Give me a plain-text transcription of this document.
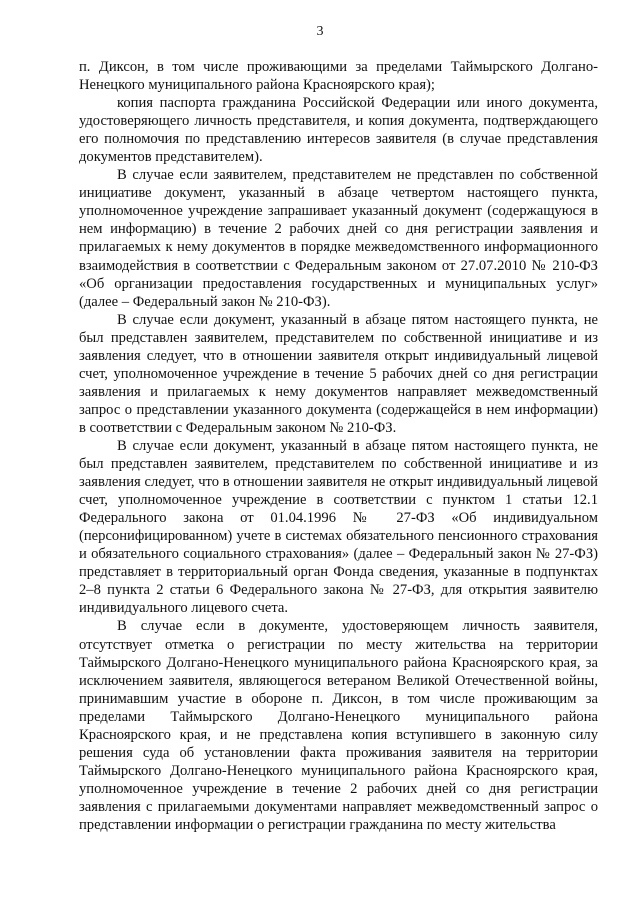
3

п. Диксон, в том числе проживающими за пределами Таймырского Долгано-Ненецкого муниципального района Красноярского края);

копия паспорта гражданина Российской Федерации или иного документа, удостоверяющего личность представителя, и копия документа, подтверждающего его полномочия по представлению интересов заявителя (в случае представления документов представителем).

В случае если заявителем, представителем не представлен по собственной инициативе документ, указанный в абзаце четвертом настоящего пункта, уполномоченное учреждение запрашивает указанный документ (содержащуюся в нем информацию) в течение 2 рабочих дней со дня регистрации заявления и прилагаемых к нему документов в порядке межведомственного информационного взаимодействия в соответствии с Федеральным законом от 27.07.2010 № 210-ФЗ «Об организации предоставления государственных и муниципальных услуг» (далее – Федеральный закон № 210-ФЗ).

В случае если документ, указанный в абзаце пятом настоящего пункта, не был представлен заявителем, представителем по собственной инициативе и из заявления следует, что в отношении заявителя открыт индивидуальный лицевой счет, уполномоченное учреждение в течение 5 рабочих дней со дня регистрации заявления и прилагаемых к нему документов направляет межведомственный запрос о представлении указанного документа (содержащейся в нем информации) в соответствии с Федеральным законом № 210-ФЗ.

В случае если документ, указанный в абзаце пятом настоящего пункта, не был представлен заявителем, представителем по собственной инициативе и из заявления следует, что в отношении заявителя не открыт индивидуальный лицевой счет, уполномоченное учреждение в соответствии с пунктом 1 статьи 12.1 Федерального закона от 01.04.1996 № 27-ФЗ «Об индивидуальном (персонифицированном) учете в системах обязательного пенсионного страхования и обязательного социального страхования» (далее – Федеральный закон № 27-ФЗ) представляет в территориальный орган Фонда сведения, указанные в подпунктах 2–8 пункта 2 статьи 6 Федерального закона № 27-ФЗ, для открытия заявителю индивидуального лицевого счета.

В случае если в документе, удостоверяющем личность заявителя, отсутствует отметка о регистрации по месту жительства на территории Таймырского Долгано-Ненецкого муниципального района Красноярского края, за исключением заявителя, являющегося ветераном Великой Отечественной войны, принимавшим участие в обороне п. Диксон, в том числе проживающим за пределами Таймырского Долгано-Ненецкого муниципального района Красноярского края, и не представлена копия вступившего в законную силу решения суда об установлении факта проживания заявителя на территории Таймырского Долгано-Ненецкого муниципального района Красноярского края, уполномоченное учреждение в течение 2 рабочих дней со дня регистрации заявления с прилагаемыми документами направляет межведомственный запрос о представлении информации о регистрации гражданина по месту жительства
